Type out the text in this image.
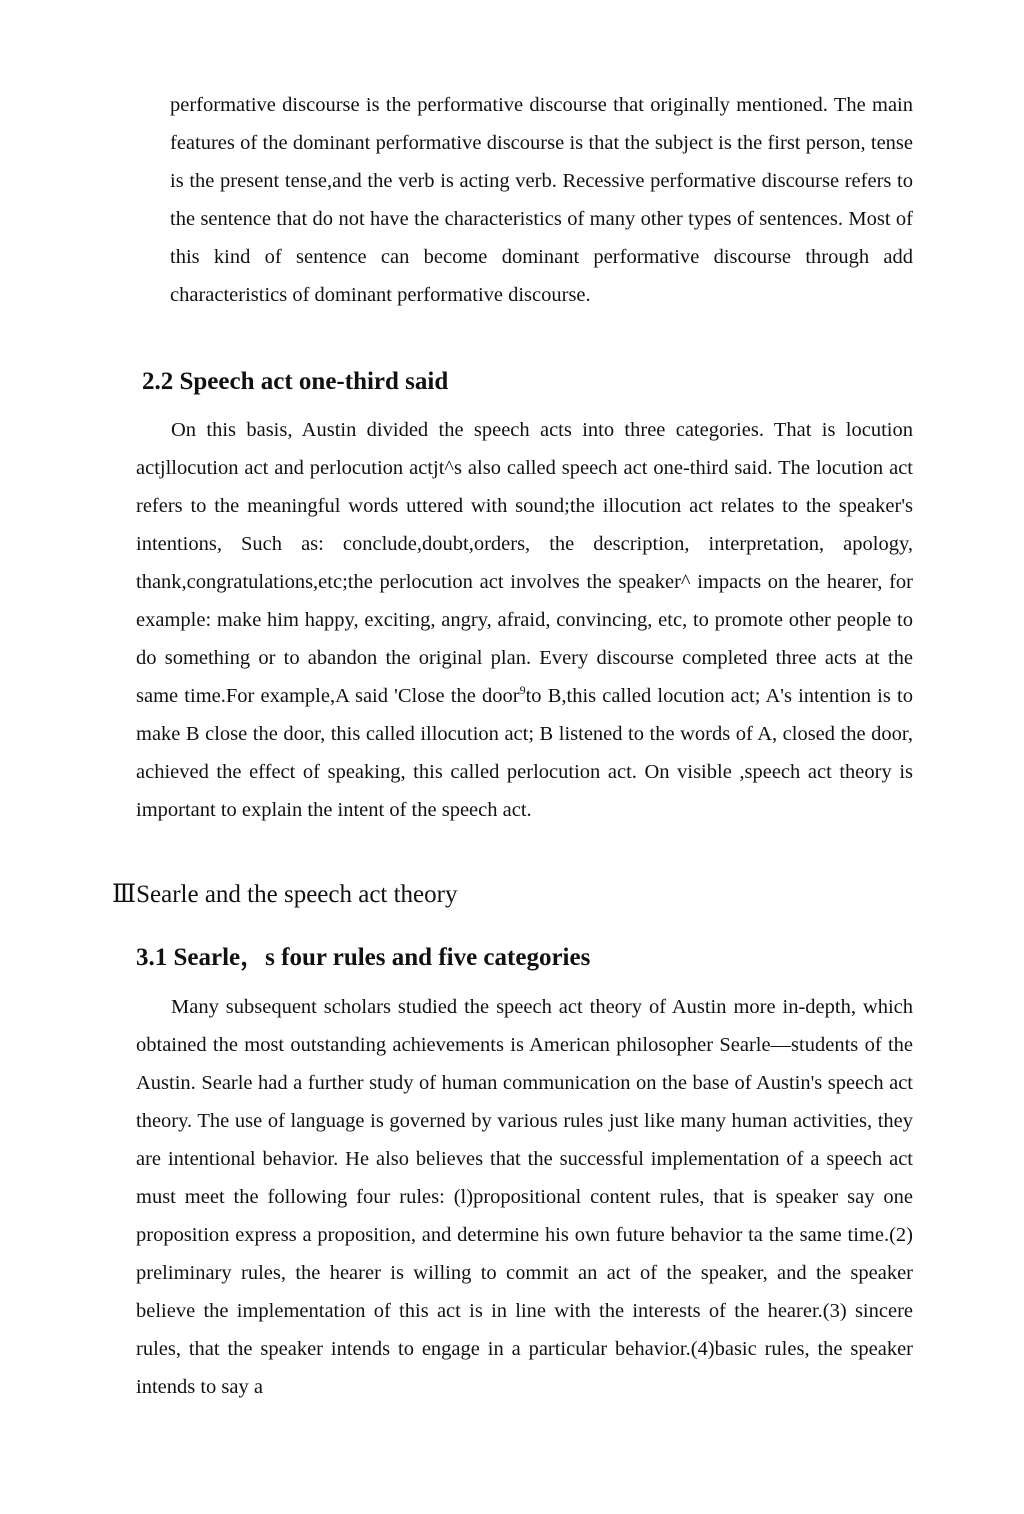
performative discourse is the performative discourse that originally mentioned. The main features of the dominant performative discourse is that the subject is the first person, tense is the present tense,and the verb is acting verb. Recessive performative discourse refers to the sentence that do not have the characteristics of many other types of sentences. Most of this kind of sentence can become dominant performative discourse through add characteristics of dominant performative discourse.

2.2 Speech act one-third said

On this basis, Austin divided the speech acts into three categories. That is locution actjllocution act and perlocution actjt^s also called speech act one-third said. The locution act refers to the meaningful words uttered with sound;the illocution act relates to the speaker's intentions, Such as: conclude,doubt,orders, the description, interpretation, apology, thank,congratulations,etc;the perlocution act involves the speaker^ impacts on the hearer, for example: make him happy, exciting, angry, afraid, convincing, etc, to promote other people to do something or to abandon the original plan. Every discourse completed three acts at the same time.For example,A said 'Close the door$^9$to B,this called locution act; A's intention is to make B close the door, this called illocution act; B listened to the words of A, closed the door, achieved the effect of speaking, this called perlocution act. On visible ,speech act theory is important to explain the intent of the speech act.

ⅢSearle and the speech act theory
3.1 Searle，s four rules and five categories

Many subsequent scholars studied the speech act theory of Austin more in-depth, which obtained the most outstanding achievements is American philosopher Searle—students of the Austin. Searle had a further study of human communication on the base of Austin's speech act theory. The use of language is governed by various rules just like many human activities, they are intentional behavior. He also believes that the successful implementation of a speech act must meet the following four rules: (l)propositional content rules, that is speaker say one proposition express a proposition, and determine his own future behavior ta the same time.(2) preliminary rules, the hearer is willing to commit an act of the speaker, and the speaker believe the implementation of this act is in line with the interests of the hearer.(3) sincere rules, that the speaker intends to engage in a particular behavior.(4)basic rules, the speaker intends to say a
